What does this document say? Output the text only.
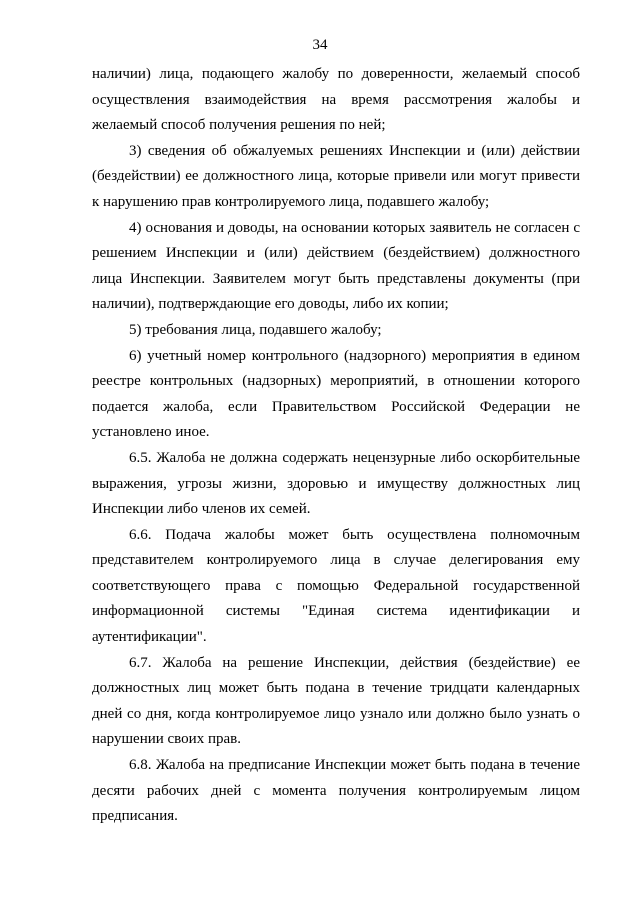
34

наличии) лица, подающего жалобу по доверенности, желаемый способ осуществления взаимодействия на время рассмотрения жалобы и желаемый способ получения решения по ней;

3) сведения об обжалуемых решениях Инспекции и (или) действии (бездействии) ее должностного лица, которые привели или могут привести к нарушению прав контролируемого лица, подавшего жалобу;

4) основания и доводы, на основании которых заявитель не согласен с решением Инспекции и (или) действием (бездействием) должностного лица Инспекции. Заявителем могут быть представлены документы (при наличии), подтверждающие его доводы, либо их копии;

5) требования лица, подавшего жалобу;

6) учетный номер контрольного (надзорного) мероприятия в едином реестре контрольных (надзорных) мероприятий, в отношении которого подается жалоба, если Правительством Российской Федерации не установлено иное.

6.5. Жалоба не должна содержать нецензурные либо оскорбительные выражения, угрозы жизни, здоровью и имуществу должностных лиц Инспекции либо членов их семей.

6.6. Подача жалобы может быть осуществлена полномочным представителем контролируемого лица в случае делегирования ему соответствующего права с помощью Федеральной государственной информационной системы "Единая система идентификации и аутентификации".

6.7. Жалоба на решение Инспекции, действия (бездействие) ее должностных лиц может быть подана в течение тридцати календарных дней со дня, когда контролируемое лицо узнало или должно было узнать о нарушении своих прав.

6.8. Жалоба на предписание Инспекции может быть подана в течение десяти рабочих дней с момента получения контролируемым лицом предписания.
